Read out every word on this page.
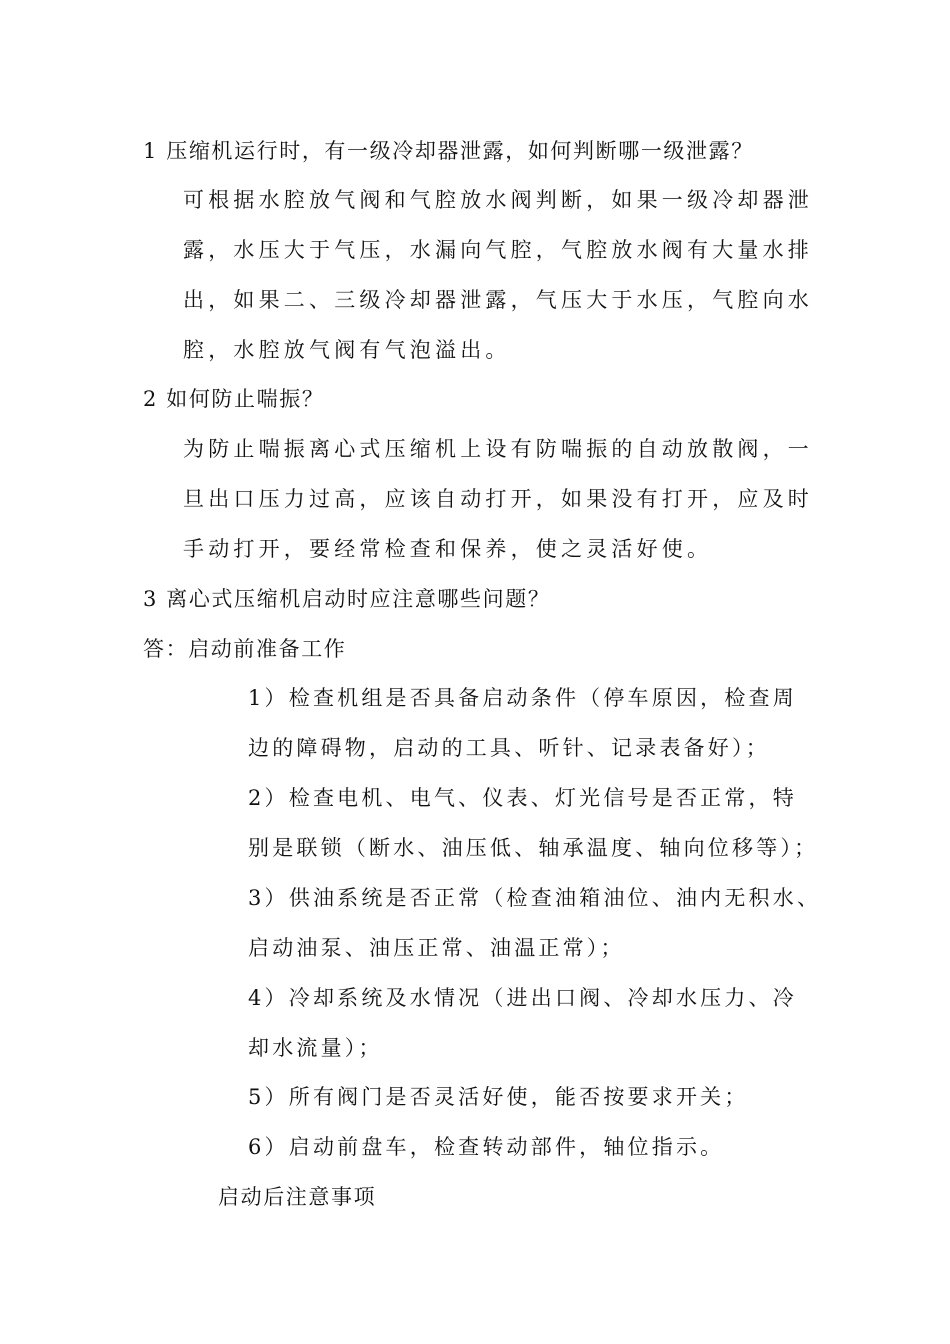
1 压缩机运行时，有一级冷却器泄露，如何判断哪一级泄露？
可根据水腔放气阀和气腔放水阀判断，如果一级冷却器泄
露，水压大于气压，水漏向气腔，气腔放水阀有大量水排
出，如果二、三级冷却器泄露，气压大于水压，气腔向水
腔，水腔放气阀有气泡溢出。
2 如何防止喘振？
为防止喘振离心式压缩机上设有防喘振的自动放散阀，一
旦出口压力过高，应该自动打开，如果没有打开，应及时
手动打开，要经常检查和保养，使之灵活好使。
3 离心式压缩机启动时应注意哪些问题？
答：启动前准备工作
1）检查机组是否具备启动条件（停车原因，检查周
边的障碍物，启动的工具、听针、记录表备好）；
2）检查电机、电气、仪表、灯光信号是否正常，特
别是联锁（断水、油压低、轴承温度、轴向位移等）；
3）供油系统是否正常（检查油箱油位、油内无积水、
启动油泵、油压正常、油温正常）；
4）冷却系统及水情况（进出口阀、冷却水压力、冷
却水流量）；
5）所有阀门是否灵活好使，能否按要求开关；
6）启动前盘车，检查转动部件，轴位指示。
启动后注意事项
